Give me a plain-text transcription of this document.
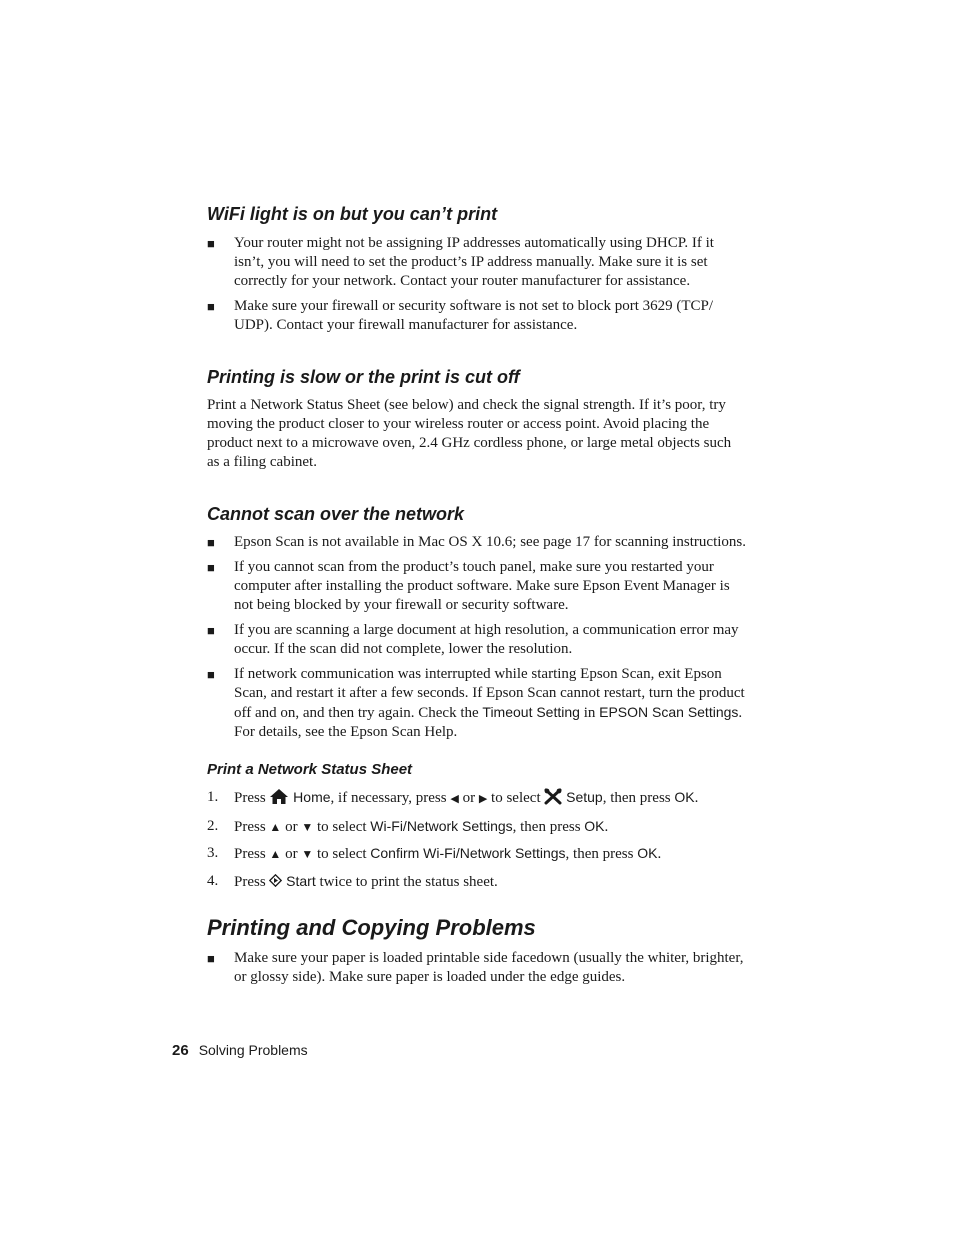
WiFi light is on but you can’t print
■	Your router might not be assigning IP addresses automatically using DHCP. If it isn’t, you will need to set the product’s IP address manually. Make sure it is set correctly for your network. Contact your router manufacturer for assistance.
■	Make sure your firewall or security software is not set to block port 3629 (TCP/ UDP). Contact your firewall manufacturer for assistance.
Printing is slow or the print is cut off

Print a Network Status Sheet (see below) and check the signal strength. If it’s poor, try moving the product closer to your wireless router or access point. Avoid placing the product next to a microwave oven, 2.4 GHz cordless phone, or large metal objects such as a filing cabinet.

Cannot scan over the network
■	Epson Scan is not available in Mac OS X 10.6; see page 17 for scanning instructions.
■	If you cannot scan from the product’s touch panel, make sure you restarted your computer after installing the product software. Make sure Epson Event Manager is not being blocked by your firewall or security software.
■	If you are scanning a large document at high resolution, a communication error may occur. If the scan did not complete, lower the resolution.
■	If network communication was interrupted while starting Epson Scan, exit Epson Scan, and restart it after a few seconds. If Epson Scan cannot restart, turn the product off and on, and then try again. Check the Timeout Setting in EPSON Scan Settings. For details, see the Epson Scan Help.
Print a Network Status Sheet
1.	Press  Home, if necessary, press ◀ or ▶ to select  Setup, then press OK.
2.	Press ▲ or ▼ to select Wi-Fi/Network Settings, then press OK.
3.	Press ▲ or ▼ to select Confirm Wi-Fi/Network Settings, then press OK.
4.	Press  Start twice to print the status sheet.
Printing and Copying Problems
■	Make sure your paper is loaded printable side facedown (usually the whiter, brighter, or glossy side). Make sure paper is loaded under the edge guides.
26 Solving Problems
